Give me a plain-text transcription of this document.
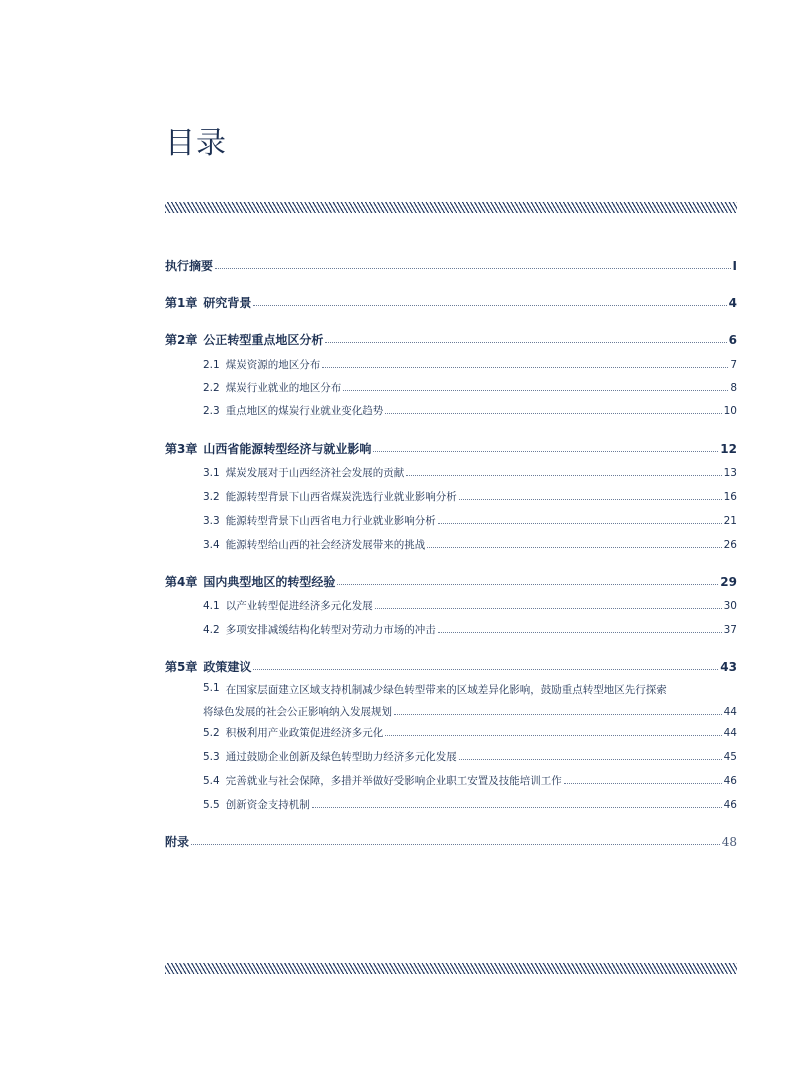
目录
执行摘要	I
第1章 研究背景	4
第2章 公正转型重点地区分析	6
2.1 煤炭资源的地区分布	7
2.2 煤炭行业就业的地区分布	8
2.3 重点地区的煤炭行业就业变化趋势	10
第3章 山西省能源转型经济与就业影响	12
3.1 煤炭发展对于山西经济社会发展的贡献	13
3.2 能源转型背景下山西省煤炭洗选行业就业影响分析	16
3.3 能源转型背景下山西省电力行业就业影响分析	21
3.4 能源转型给山西的社会经济发展带来的挑战	26
第4章 国内典型地区的转型经验	29
4.1 以产业转型促进经济多元化发展	30
4.2 多项安排减缓结构化转型对劳动力市场的冲击	37
第5章 政策建议	43
5.1 在国家层面建立区域支持机制减少绿色转型带来的区域差异化影响，鼓励重点转型地区先行探索
将绿色发展的社会公正影响纳入发展规划	44
5.2 积极利用产业政策促进经济多元化	44
5.3 通过鼓励企业创新及绿色转型助力经济多元化发展	45
5.4 完善就业与社会保障，多措并举做好受影响企业职工安置及技能培训工作	46
5.5 创新资金支持机制	46
附录	48
